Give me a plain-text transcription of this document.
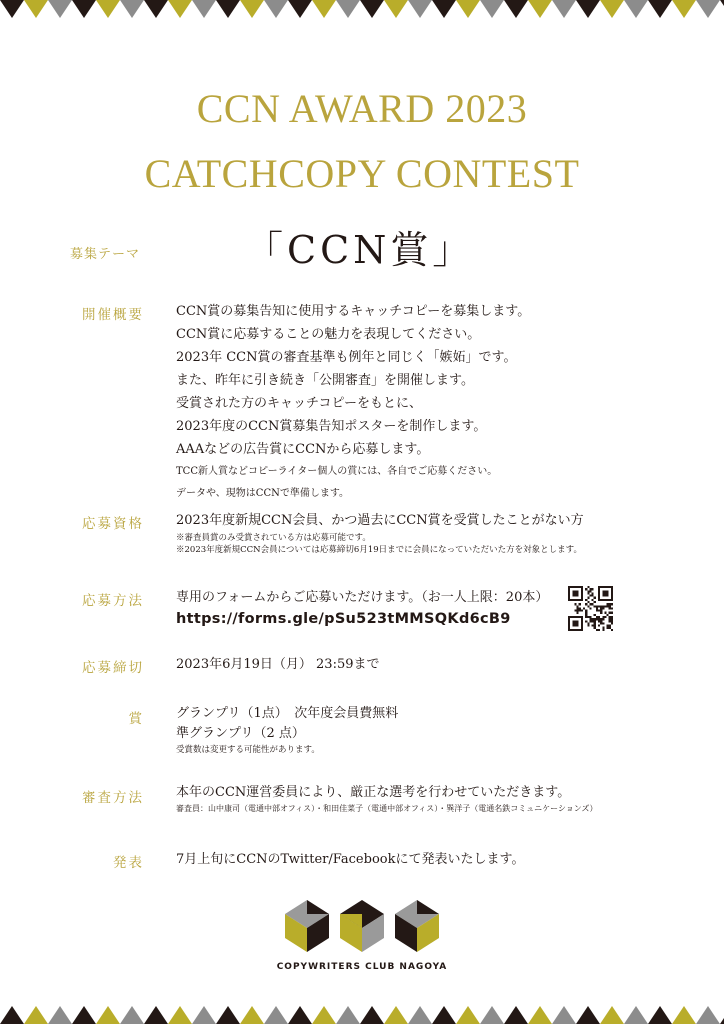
CCN AWARD 2023
CATCHCOPY CONTEST
募集テーマ	「CCN賞」
開催概要 CCN賞の募集告知に使用するキャッチコピーを募集します。
CCN賞に応募することの魅力を表現してください。
2023年 CCN賞の審査基準も例年と同じく「嫉妬」です。
また、昨年に引き続き「公開審査」を開催します。
受賞された方のキャッチコピーをもとに、
2023年度のCCN賞募集告知ポスターを制作します。
AAAなどの広告賞にCCNから応募します。
TCC新人賞などコピーライター個人の賞には、各自でご応募ください。
データや、現物はCCNで準備します。
応募資格 2023年度新規CCN会員、かつ過去にCCN賞を受賞したことがない方
※審査員賞のみ受賞されている方は応募可能です。
※2023年度新規CCN会員については応募締切6月19日までに会員になっていただいた方を対象とします。
応募方法 専用のフォームからご応募いただけます。（お一人上限：20本）
https://forms.gle/pSu523tMMSQKd6cB9
応募締切 2023年6月19日（月） 23:59まで
賞 グランプリ（1点）　次年度会員費無料
準グランプリ（2 点）
受賞数は変更する可能性があります。
審査方法 本年のCCN運営委員により、厳正な選考を行わせていただきます。
審査員：山中康司（電通中部オフィス）・和田佳菜子（電通中部オフィス）・巽洋子（電通名鉄コミュニケーションズ）
発表 7月上旬にCCNのTwitter/Facebookにて発表いたします。
COPYWRITERS CLUB NAGOYA
